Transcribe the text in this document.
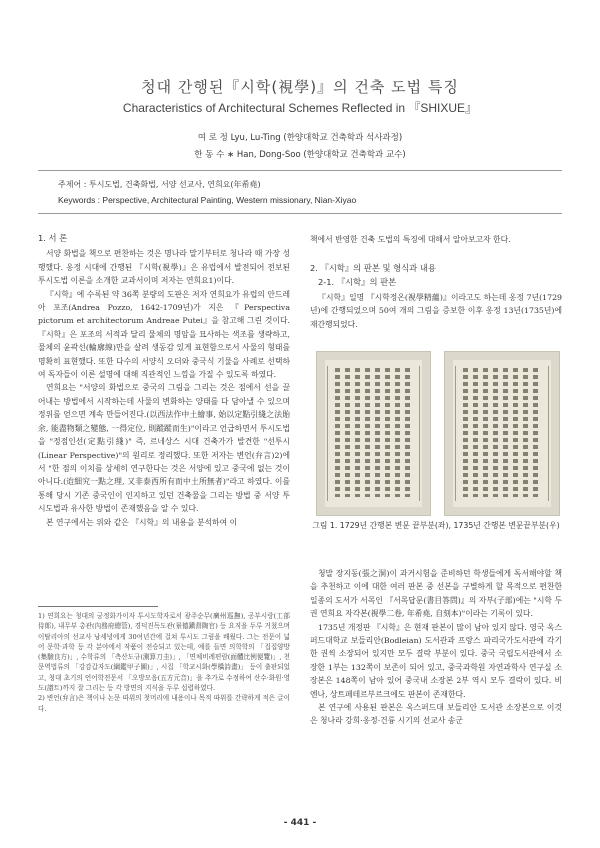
청대 간행된『시학(視學)』의 건축 도법 특징
Characteristics of Architectural Schemes Reflected in 『SHIXUE』
여 로 정 Lyu, Lu-Ting (한양대학교 건축학과 석사과정)
한 동 수 ∗ Han, Dong-Soo (한양대학교 건축학과 교수)
주제어 : 투시도법, 건축화법, 서양 선교사, 연희요(年希堯)
Keywords : Perspective, Architectural Painting, Western missionary, Nian-Xiyao
1. 서 론

서양 화법을 책으로 편찬하는 것은 명나라 말기부터로 청나라 때 가장 성행했다. 옹정 시대에 간행된 『시학(視學)』은 유럽에서 발전되어 전보된 투시도법 이론을 소개한 교과서이며 저자는 연희요1)이다.

『시학』에 수록된 약 36쪽 분량의 도판은 저자 연희요가 유럽의 안드레아 포조(Andrea Pozzo, 1642-1709년)가 지은 『Perspectiva pictorum et architectorum Andreae Putei』을 참고해 그린 것이다. 『시학』은 포조의 서적과 달리 물체의 명암을 묘사하는 색조를 생략하고, 물체의 윤곽선(輪廓線)만을 살려 생동감 있게 표현함으로서 사물의 형태를 명확히 표현했다. 또한 다수의 서양식 오더와 중국식 기물을 사례로 선택하여 독자들이 이론 설명에 대해 직관적인 느낌을 가질 수 있도록 하였다.

연희요는 "서양의 화법으로 중국의 그림을 그리는 것은 점에서 선을 끌어내는 방법에서 시작하는데 사물의 변화하는 양태를 다 담아낼 수 있으며 정위를 얻으면 계속 만들어진다.(以西法作中土繪事, 始以定點引綫之法貽余, 能盡物類之變態, 一得定位, 則蹤蹤而生)"이라고 언급하면서 투시도법을 "정점인선(定點引綫)" 즉, 르네상스 시대 건축가가 발견한 "선투시(Linear Perspective)"의 원리로 정리했다. 또한 저자는 변언(弁言)2)에서 "한 점의 이치를 상세히 연구한다는 것은 서양에 있고 중국에 없는 것이 아니다.(迨細究一點之理, 又非泰西所有而中土所無者)"라고 하였다. 이를 통해 당시 기존 중국인이 인지하고 있던 건축물을 그리는 방법 중 서양 투시도법과 유사한 방법이 존재했음을 알 수 있다.

본 연구에서는 위와 같은 『시학』의 내용을 분석하여 이

1) 연희요는 청대의 궁정화가이자 투시도학자로서 광주순무(廣州巡撫), 공부시랑(工部侍郞), 내무부 총관(內務府總管), 경덕진독도관(景德鎭督陶官) 등 요직을 두루 거쳤으며 이탈리아의 선교사 낭세녕에게 30여년간에 걸쳐 투시도 그림을 배웠다. 그는 전문이 넓어 문학·과학 등 각 분야에서 작품이 전승되고 있는데, 예를 들면 의학학의 「집집양방(集驗良方)」, 수학류의 「측산도규(測算刀圭)」, 「면체비례편람(面體比例便覽)」, 천문역법류의 「강감갑자도(綱鑑甲子圖)」, 시집 「학교시화(學橋詩畫)」 등이 출판되었고, 청대 초기의 언어학전문서 「오방모음(五方元音)」을 추가로 수정하여 산수·화원·영도(譜트)까지 잘 그리는 등 각 방면의 지식을 두루 섭렵하였다.

2) 변언(弁言)은 책이나 논문 따위의 첫머리에 내용이나 목적 따위를 간략하게 적은 글이다.

책에서 반영한 건축 도법의 특징에 대해서 알아보고자 한다.

2. 『시학』의 판본 및 형식과 내용
2-1. 『시학』의 판본

『시학』일명 『시학정온(視學精蘊)』이라고도 하는데 옹정 7년(1729년)에 간행되었으며 50여 개의 그림을 증보한 이후 옹정 13년(1735년)에 재간행되었다.

그림 1. 1729년 간행본 변문 끝부분(좌), 1735년 간행본 변문끝부분(우)

청말 장지동(張之洞)이 과거시험을 준비하던 학생들에게 독서해야할 책을 추천하고 이에 대한 여러 판본 중 선본을 구별하게 할 목적으로 편찬한 일종의 도서가 서목인 『서목답문(書目答問)』의 자부(子部)에는 "시학 두 권 연희요 자각본(視學二卷, 年希堯, 自刻本)"이라는 기록이 있다.

1735년 개정판 『시학』은 현재 판본이 많이 남아 있지 않다. 영국 옥스퍼드대학교 보들리안(Bodleian) 도서관과 프랑스 파리국가도서관에 각기 한 권씩 소장되어 있지만 모두 결락 부분이 있다. 중국 국립도서관에서 소장한 1부는 132쪽이 보존이 되어 있고, 중국과학원 자연과학사 연구실 소장본은 148쪽이 남아 있어 중국내 소장본 2부 역시 모두 결락이 있다. 비엔나, 상트페테르부르크에도 판본이 존재한다.

본 연구에 사용된 판본은 옥스퍼드대 보들리안 도서관 소장본으로 이것은 청나라 강희·옹정·건륭 시기의 선교사 송군

- 441 -
